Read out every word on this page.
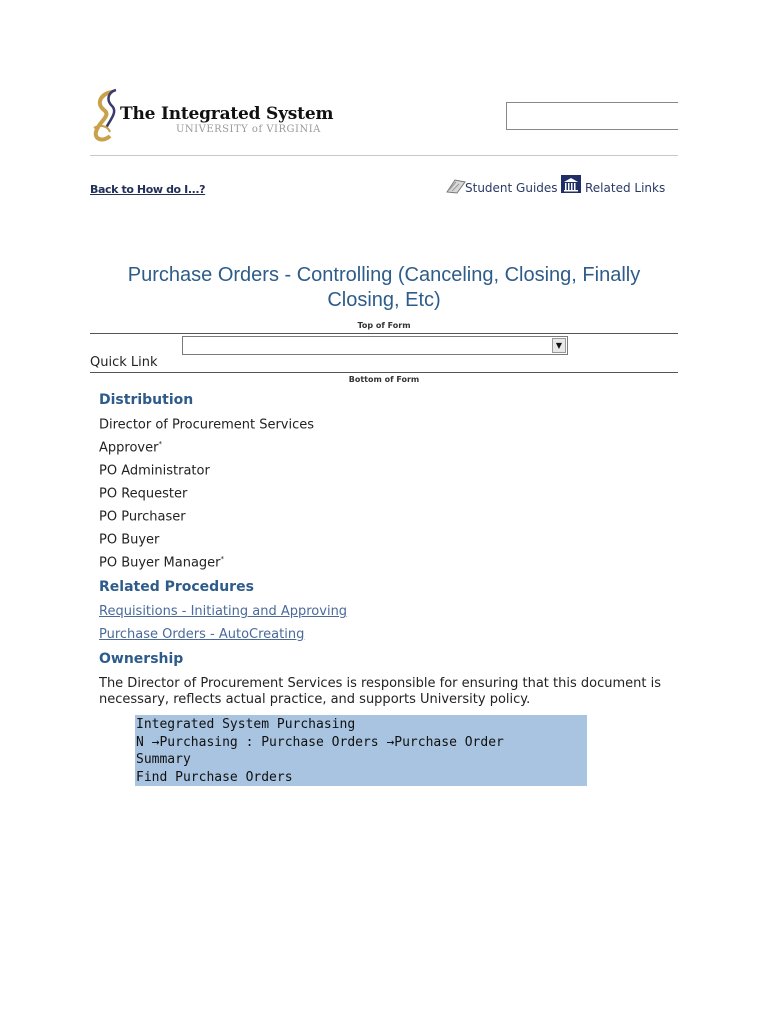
The Integrated System
UNIVERSITY of VIRGINIA
Back to How do I...?	Student Guides Related Links
Purchase Orders - Controlling (Canceling, Closing, Finally Closing, Etc)
Top of Form
▼
Quick Link
Bottom of Form
Distribution
Director of Procurement Services
Approver*
PO Administrator
PO Requester
PO Purchaser
PO Buyer
PO Buyer Manager*
Related Procedures
Requisitions - Initiating and Approving
Purchase Orders - AutoCreating
Ownership
The Director of Procurement Services is responsible for ensuring that this document is necessary, reflects actual practice, and supports University policy.
Integrated System Purchasing
N →Purchasing : Purchase Orders →Purchase Order
Summary
Find Purchase Orders
